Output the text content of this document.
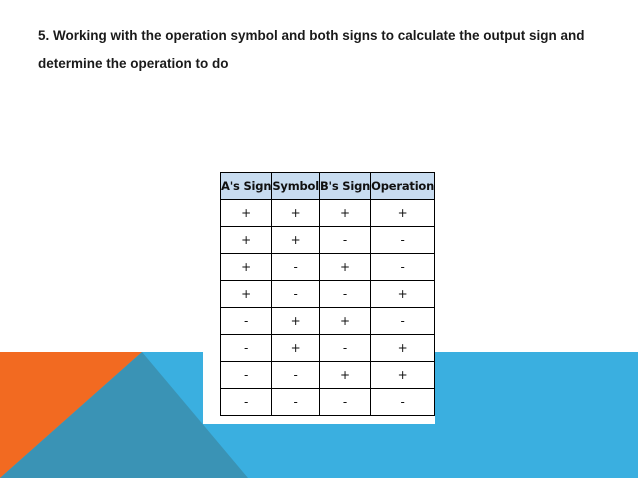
5. Working with the operation symbol and both signs to calculate the output sign and determine the operation to do
A's Sign	Symbol	B's Sign	Operation
+	+	+	+
+	+	-	-
+	-	+	-
+	-	-	+
-	+	+	-
-	+	-	+
-	-	+	+
-	-	-	-
